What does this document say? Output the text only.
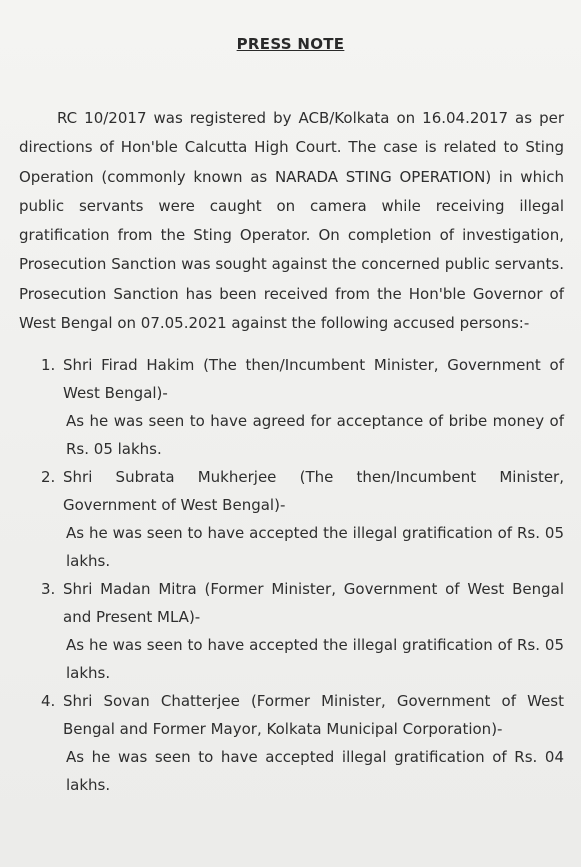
PRESS NOTE

RC 10/2017 was registered by ACB/Kolkata on 16.04.2017 as per directions of Hon'ble Calcutta High Court. The case is related to Sting Operation (commonly known as NARADA STING OPERATION) in which public servants were caught on camera while receiving illegal gratification from the Sting Operator. On completion of investigation, Prosecution Sanction was sought against the concerned public servants. Prosecution Sanction has been received from the Hon'ble Governor of West Bengal on 07.05.2021 against the following accused persons:-

1. Shri Firad Hakim (The then/Incumbent Minister, Government of West Bengal)-
As he was seen to have agreed for acceptance of bribe money of Rs. 05 lakhs.
2. Shri Subrata Mukherjee (The then/Incumbent Minister, Government of West Bengal)-
As he was seen to have accepted the illegal gratification of Rs. 05 lakhs.
3. Shri Madan Mitra (Former Minister, Government of West Bengal and Present MLA)-
As he was seen to have accepted the illegal gratification of Rs. 05 lakhs.
4. Shri Sovan Chatterjee (Former Minister, Government of West Bengal and Former Mayor, Kolkata Municipal Corporation)-
As he was seen to have accepted illegal gratification of Rs. 04 lakhs.
